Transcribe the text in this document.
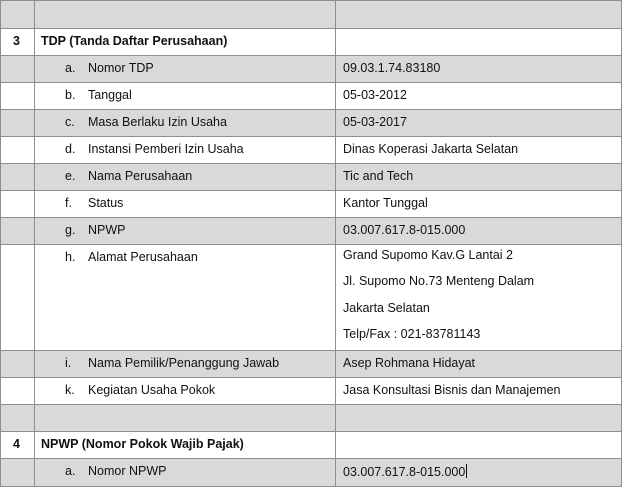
3 TDP (Tanda Daftar Perusahaan)
a. Nomor TDP	09.03.1.74.83180
b. Tanggal	05-03-2012
c. Masa Berlaku Izin Usaha	05-03-2017
d. Instansi Pemberi Izin Usaha	Dinas Koperasi Jakarta Selatan
e. Nama Perusahaan	Tic and Tech
f. Status	Kantor Tunggal
g. NPWP	03.007.617.8-015.000
h. Alamat Perusahaan	Grand Supomo Kav.G Lantai 2
Jl. Supomo No.73 Menteng Dalam
Jakarta Selatan
Telp/Fax : 021-83781143
i. Nama Pemilik/Penanggung Jawab	Asep Rohmana Hidayat
k. Kegiatan Usaha Pokok	Jasa Konsultasi Bisnis dan Manajemen
4 NPWP (Nomor Pokok Wajib Pajak)
a. Nomor NPWP	03.007.617.8-015.000
